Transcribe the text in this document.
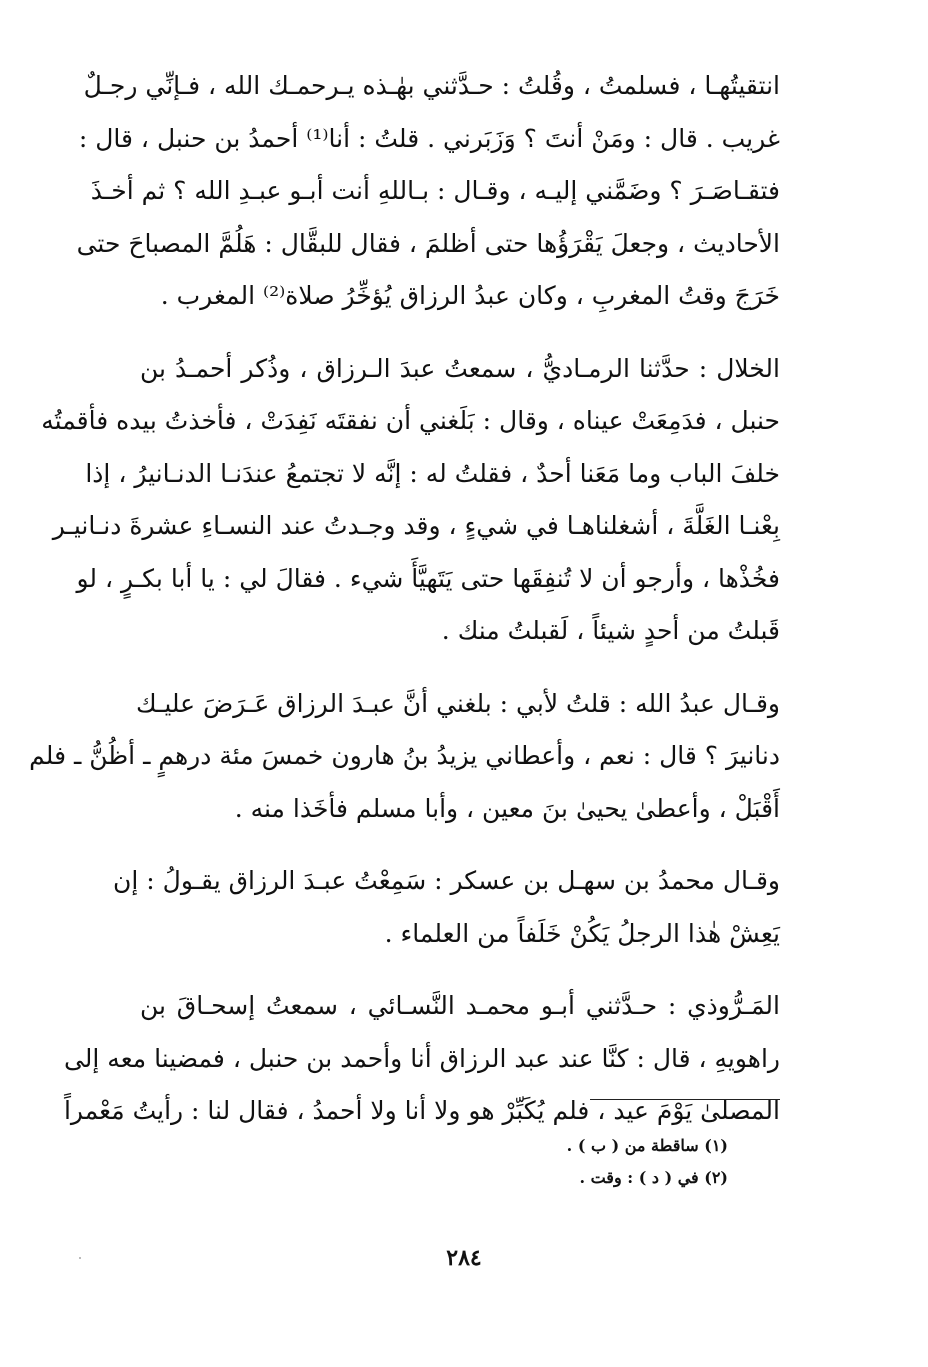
انتقيتُهـا ، فسلمتُ ، وقُلتُ : حـدَّثني بهٰـذه يـرحمـك الله ، فـإنِّي رجـلٌ
غريب . قال : ومَنْ أنتَ ؟ وَزَبَرني . قلتُ : أنا⁽¹⁾ أحمدُ بن حنبل ، قال :
فتقـاصَـرَ ؟ وضَمَّني إليـه ، وقـال : بـاللهِ أنت أبـو عبـدِ الله ؟ ثم أخـذَ
الأحاديث ، وجعلَ يَقْرَؤُها حتى أظلمَ ، فقال للبقَّال : هَلُمَّ المصباحَ حتى
خَرَجَ وقتُ المغربِ ، وكان عبدُ الرزاق يُؤخِّرُ صلاة⁽²⁾ المغرب .
الخلال : حدَّثنا الرمـاديُّ ، سمعتُ عبدَ الـرزاق ، وذُكر أحمـدُ بن
حنبل ، فدَمِعَتْ عيناه ، وقال : بَلَغني أن نفقتَه نَفِدَتْ ، فأخذتُ بيده فأقمتُه
خلفَ الباب وما مَعَنا أحدٌ ، فقلتُ له : إنَّه لا تجتمعُ عندَنـا الدنـانيرُ ، إذا
بِعْنـا الغَلَّةَ ، أشغلناهـا في شيءٍ ، وقد وجـدتُ عند النسـاءِ عشرةَ دنـانيـر
فخُذْها ، وأرجو أن لا تُنفِقَها حتى يَتَهيَّأَ شيء . فقالَ لي : يا أبا بكـرٍ ، لو
قَبلتُ من أحدٍ شيئاً ، لَقبلتُ منك .
وقـال عبدُ الله : قلتُ لأبي : بلغني أنَّ عبـدَ الرزاق عَـرَضَ عليـك
دنانيرَ ؟ قال : نعم ، وأعطاني يزيدُ بنُ هارون خمسَ مئة درهمٍ ـ أظُنُّ ـ فلم
أَقْبَلْ ، وأعطىٰ يحيىٰ بنَ معين ، وأبا مسلم فأخَذا منه .
وقـال محمدُ بن سهـل بن عسكر : سَمِعْتُ عبـدَ الرزاق يقـولُ : إن
يَعِشْ هٰذا الرجلُ يَكُنْ خَلَفاً من العلماء .
المَـرُّوذي : حـدَّثني أبـو محمـد النَّسـائي ، سمعتُ إسحـاقَ بن
راهويهِ ، قال : كنَّا عند عبد الرزاق أنا وأحمد بن حنبل ، فمضينا معه إلى
المصلىٰ يَوْمَ عيد ، فلم يُكَبِّرْ هو ولا أنا ولا أحمدُ ، فقال لنا : رأيتُ مَعْمراً
(١) ساقطة من ( ب ) .
(٢) في ( د ) : وقت .
٢٨٤
